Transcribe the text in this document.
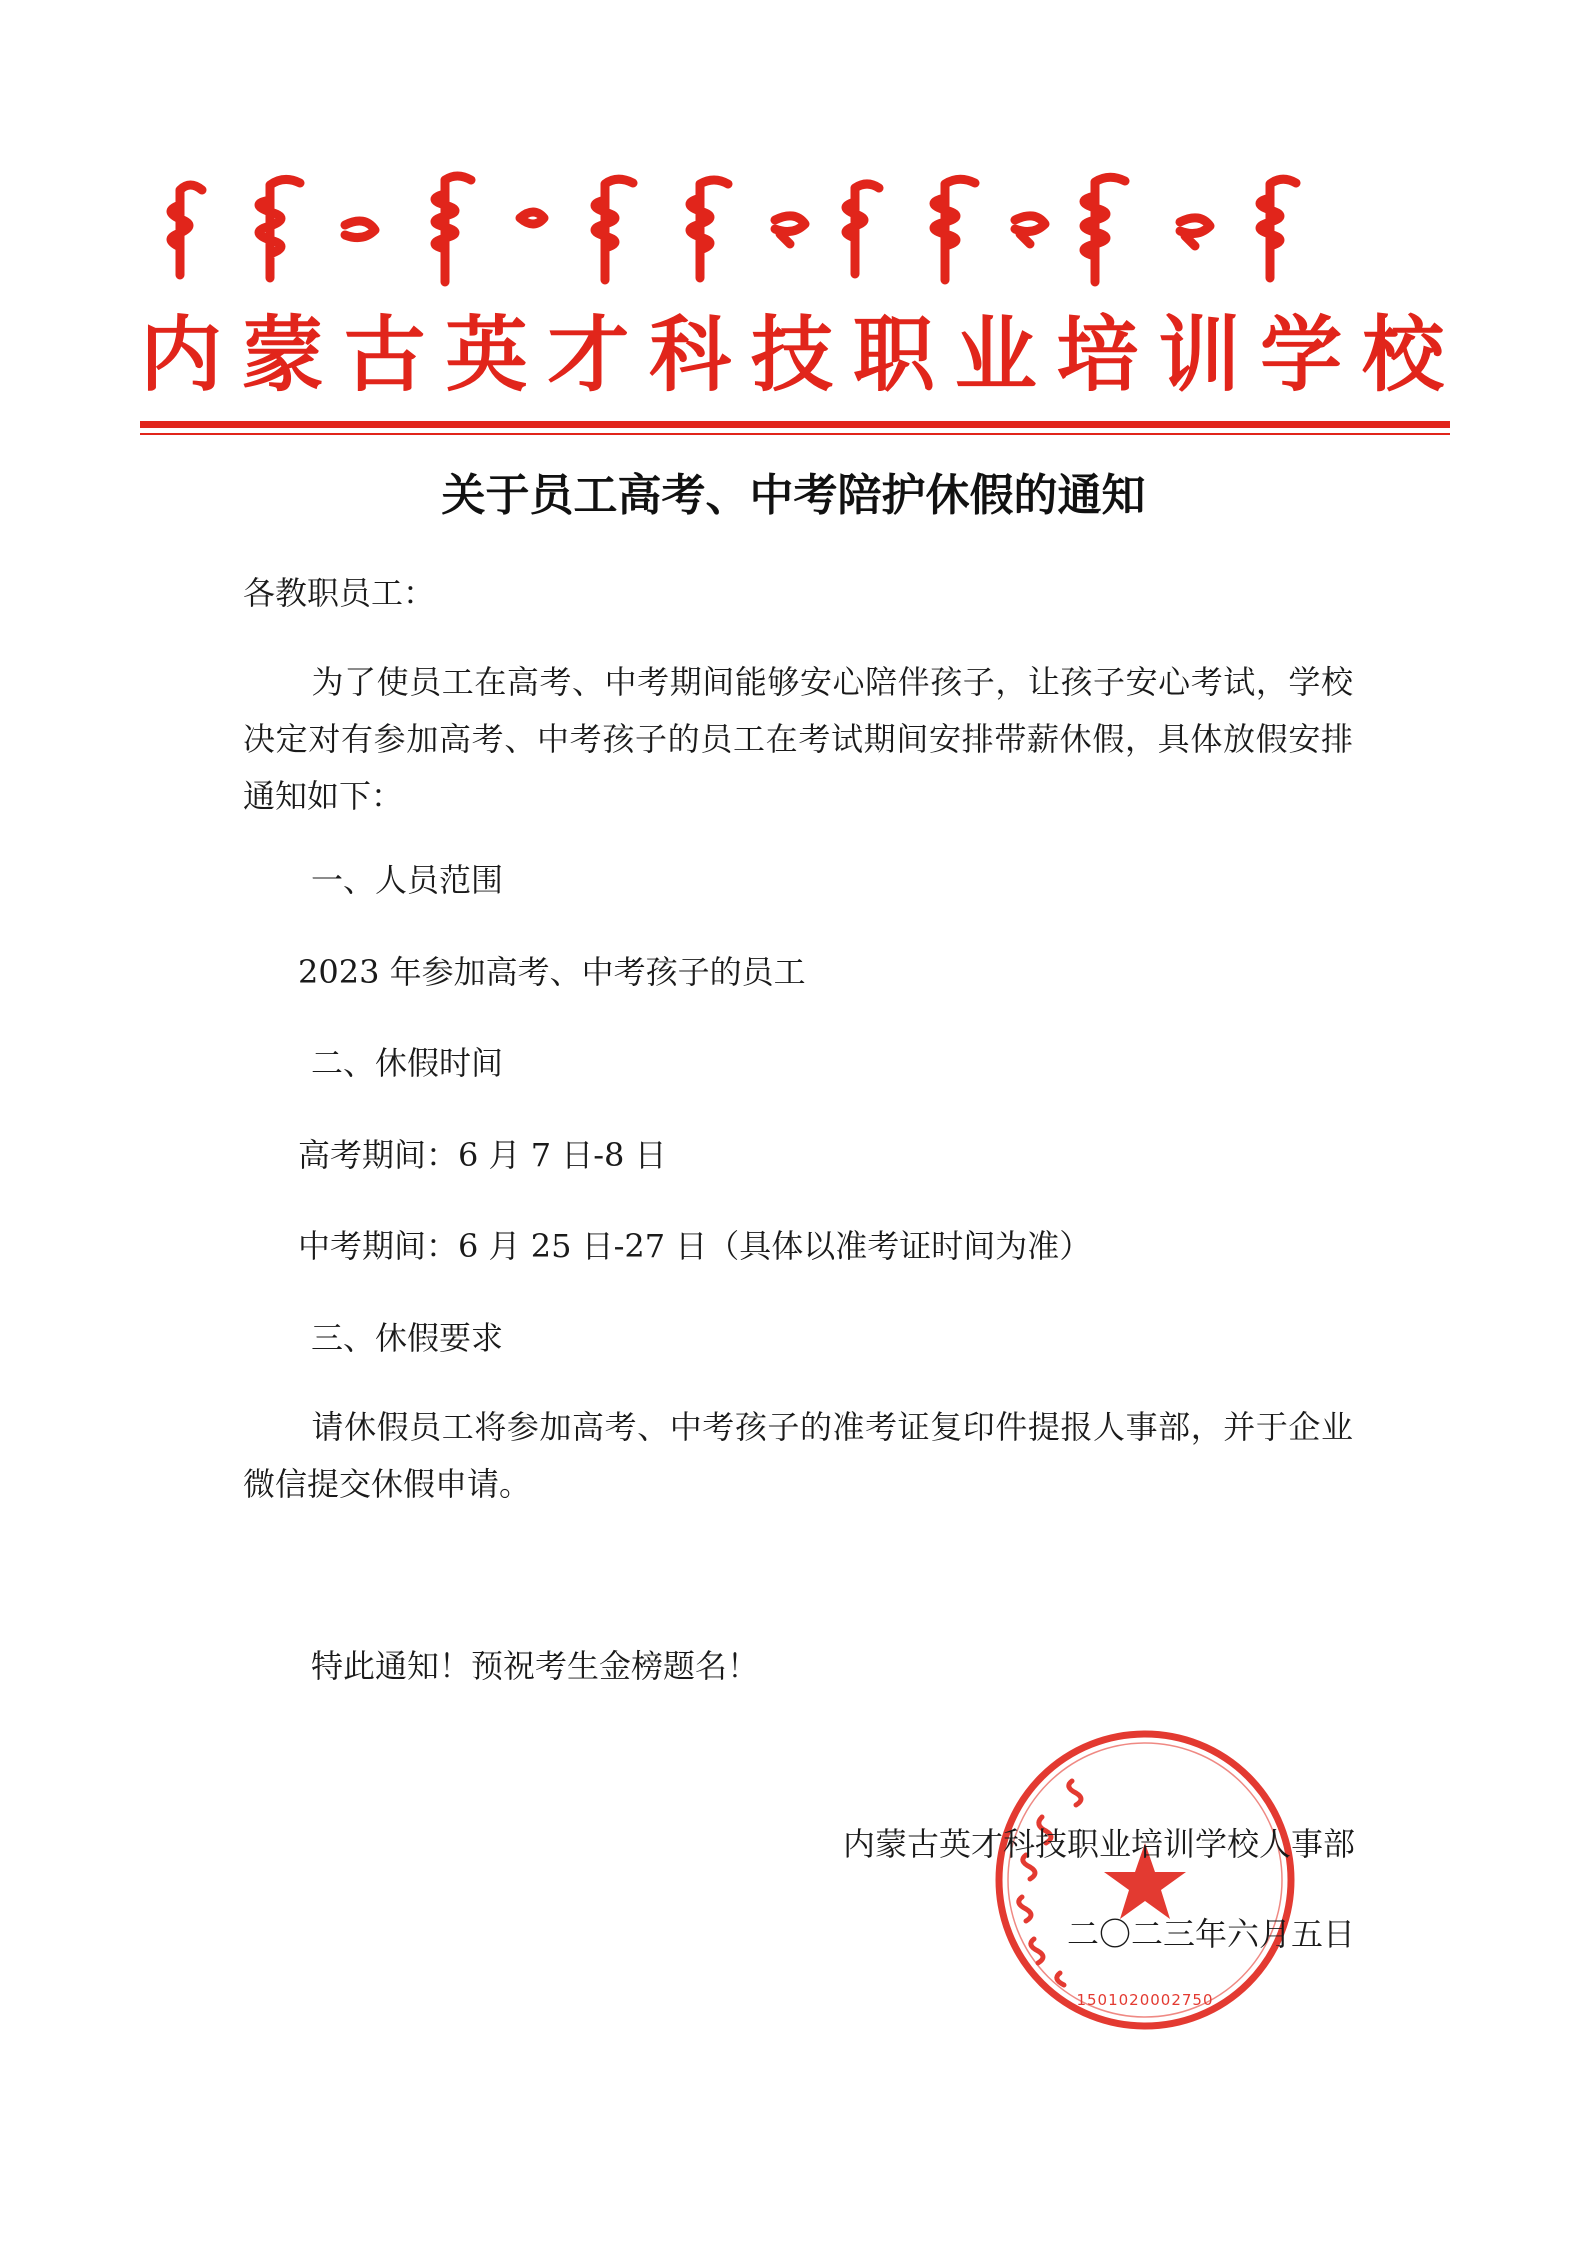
内蒙古英才科技职业培训学校
关于员工高考、中考陪护休假的通知
各教职员工：
为了使员工在高考、中考期间能够安心陪伴孩子，让孩子安心考试，学校决定对有参加高考、中考孩子的员工在考试期间安排带薪休假，具体放假安排通知如下：
一、人员范围
2023 年参加高考、中考孩子的员工
二、休假时间
高考期间：6 月 7 日-8 日
中考期间：6 月 25 日-27 日（具体以准考证时间为准）
三、休假要求
请休假员工将参加高考、中考孩子的准考证复印件提报人事部，并于企业微信提交休假申请。
特此通知！预祝考生金榜题名！
1501020002750
内蒙古英才科技职业培训学校人事部
二〇二三年六月五日
